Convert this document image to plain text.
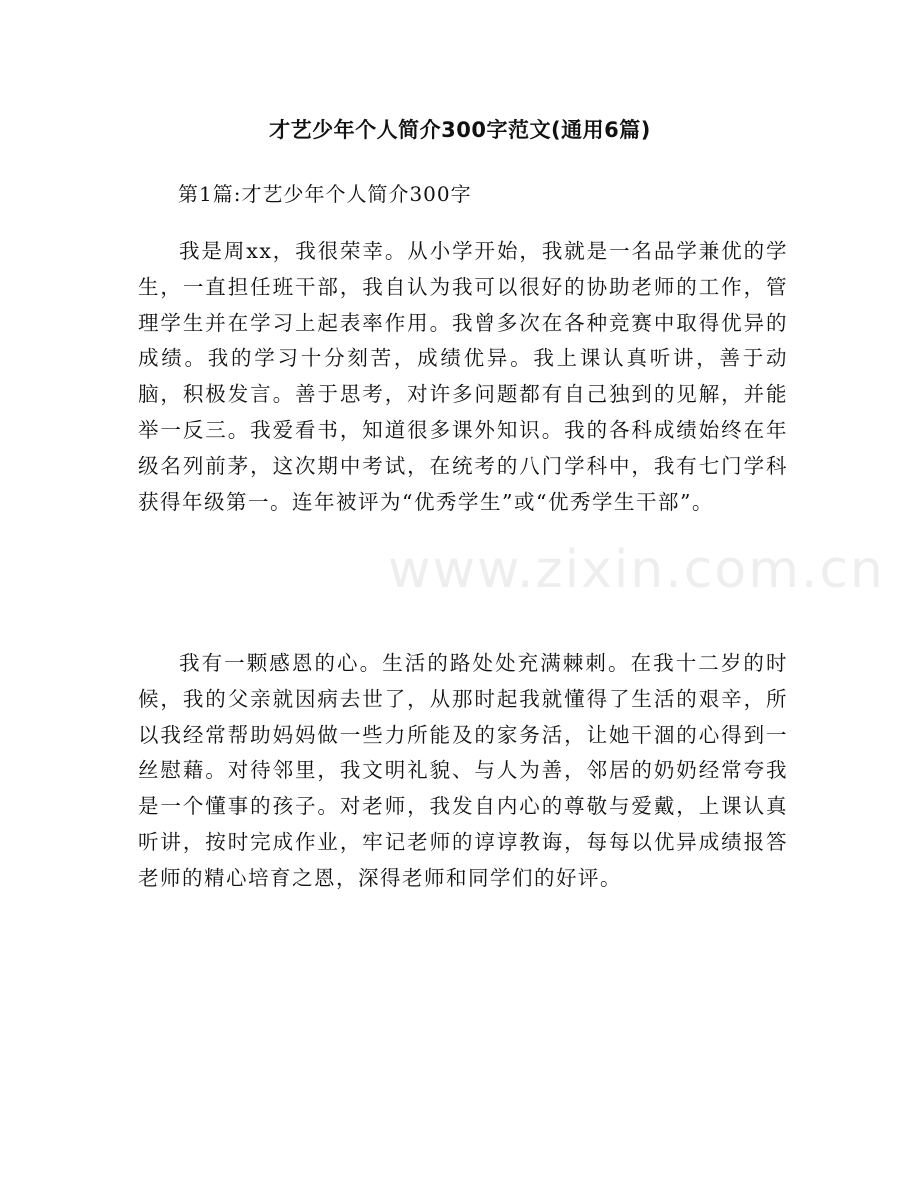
才艺少年个人简介300字范文(通用6篇)
第1篇:才艺少年个人简介300字

我是周xx，我很荣幸。从小学开始，我就是一名品学兼优的学生，一直担任班干部，我自认为我可以很好的协助老师的工作，管理学生并在学习上起表率作用。我曾多次在各种竞赛中取得优异的成绩。我的学习十分刻苦，成绩优异。我上课认真听讲，善于动脑，积极发言。善于思考，对许多问题都有自己独到的见解，并能举一反三。我爱看书，知道很多课外知识。我的各科成绩始终在年级名列前茅，这次期中考试，在统考的八门学科中，我有七门学科获得年级第一。连年被评为“优秀学生”或“优秀学生干部”。

我有一颗感恩的心。生活的路处处充满棘刺。在我十二岁的时候，我的父亲就因病去世了，从那时起我就懂得了生活的艰辛，所以我经常帮助妈妈做一些力所能及的家务活，让她干涸的心得到一丝慰藉。对待邻里，我文明礼貌、与人为善，邻居的奶奶经常夸我是一个懂事的孩子。对老师，我发自内心的尊敬与爱戴，上课认真听讲，按时完成作业，牢记老师的谆谆教诲，每每以优异成绩报答老师的精心培育之恩，深得老师和同学们的好评。

www.zixin.com.cn
